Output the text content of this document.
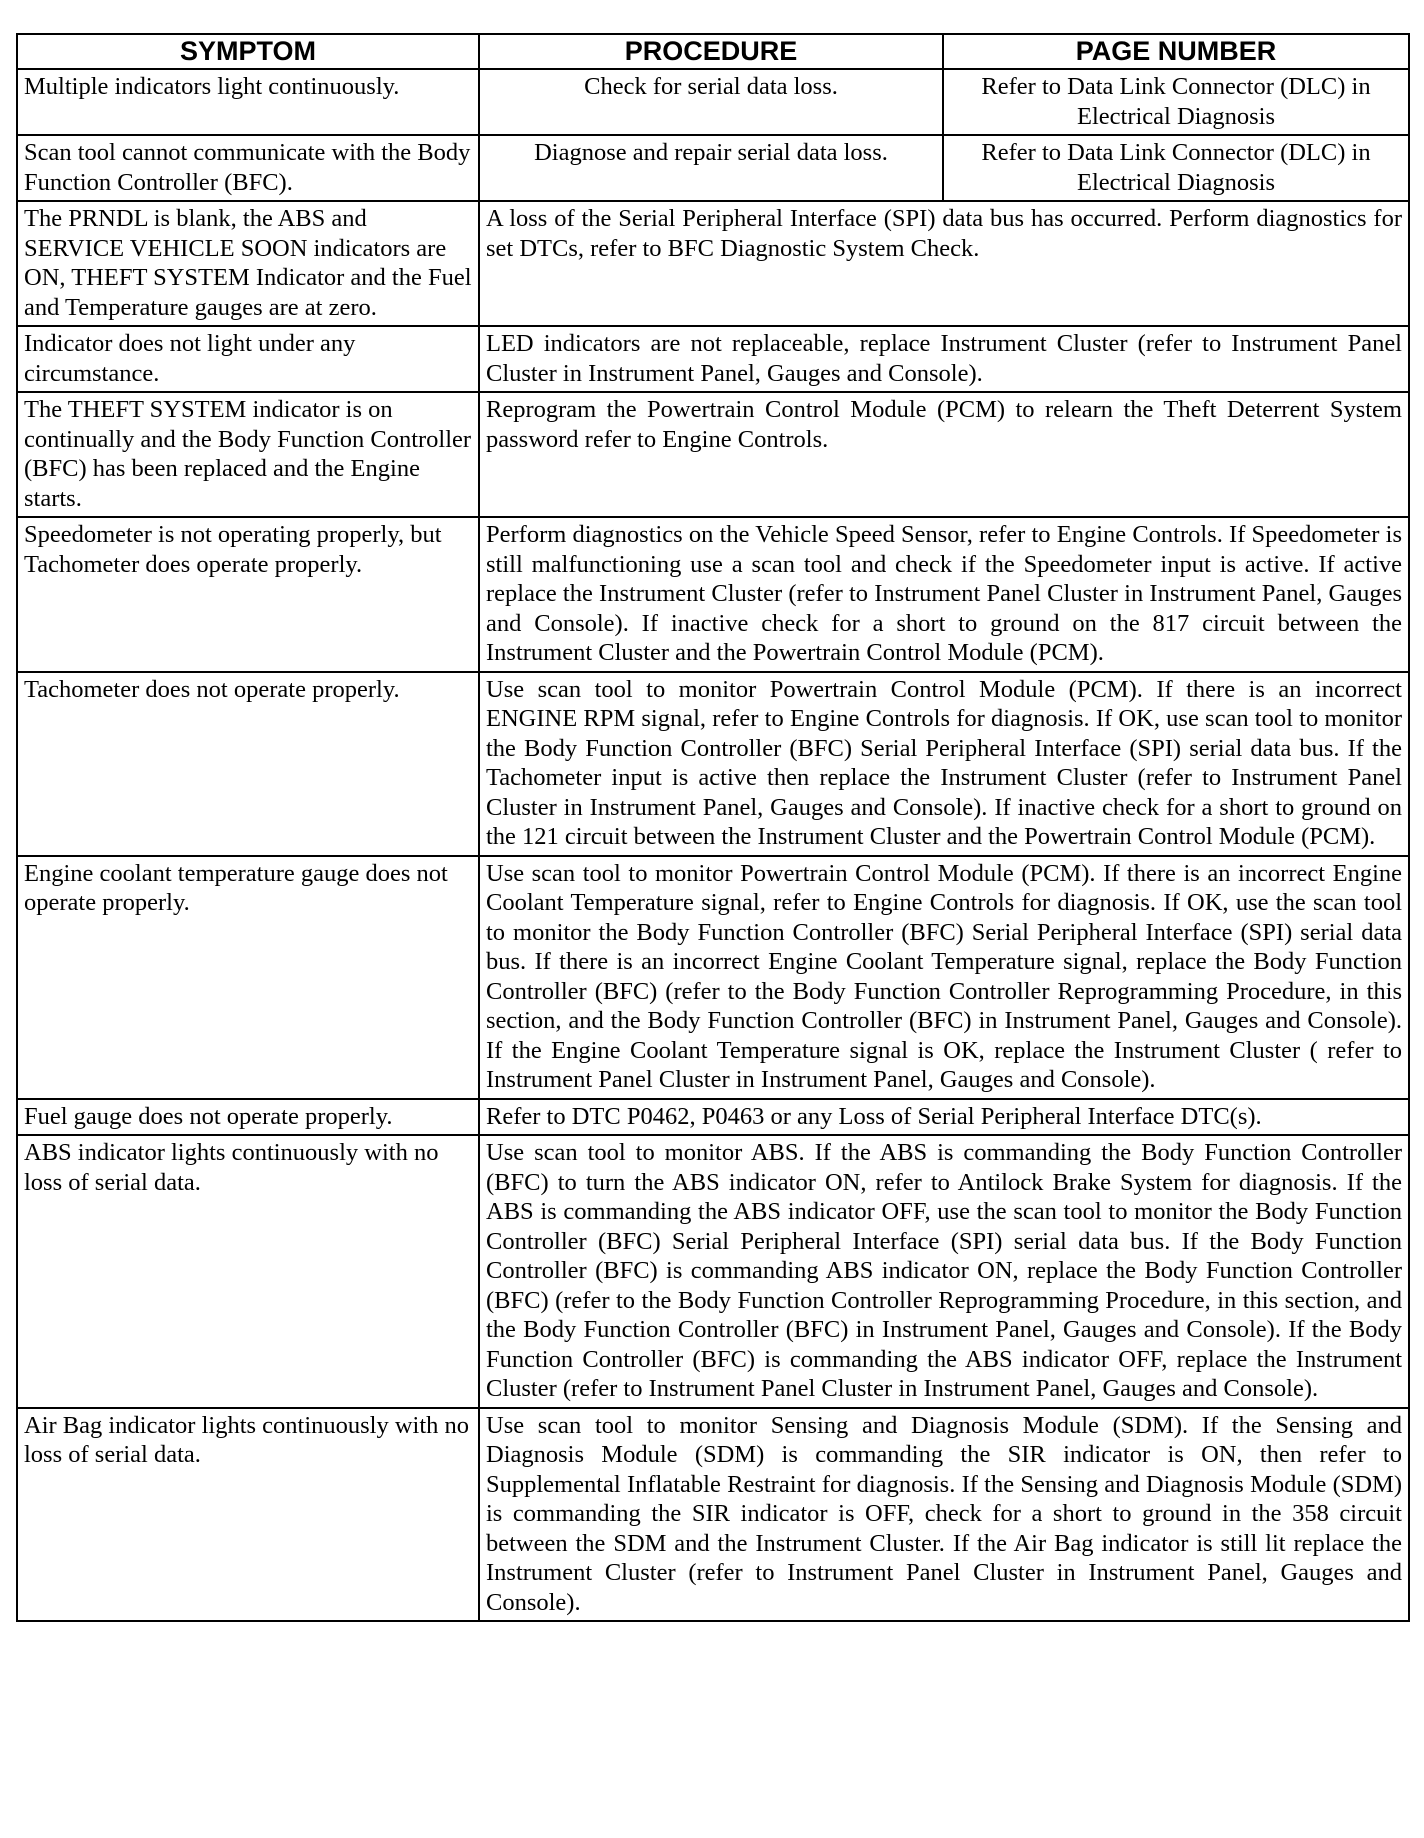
SYMPTOM	PROCEDURE	PAGE NUMBER
Multiple indicators light continuously.	Check for serial data loss.	Refer to Data Link Connector (DLC) in Electrical Diagnosis
Scan tool cannot communicate with the Body Function Controller (BFC).	Diagnose and repair serial data loss.	Refer to Data Link Connector (DLC) in Electrical Diagnosis
The PRNDL is blank, the ABS and SERVICE VEHICLE SOON indicators are ON, THEFT SYSTEM Indicator and the Fuel and Temperature gauges are at zero.	A loss of the Serial Peripheral Interface (SPI) data bus has occurred. Perform diagnostics for set DTCs, refer to BFC Diagnostic System Check.	
Indicator does not light under any circumstance.	LED indicators are not replaceable, replace Instrument Cluster (refer to Instrument Panel Cluster in Instrument Panel, Gauges and Console).	
The THEFT SYSTEM indicator is on continually and the Body Function Controller (BFC) has been replaced and the Engine starts.	Reprogram the Powertrain Control Module (PCM) to relearn the Theft Deterrent System password refer to Engine Controls.	
Speedometer is not operating properly, but Tachometer does operate properly.	Perform diagnostics on the Vehicle Speed Sensor, refer to Engine Controls. If Speedometer is still malfunctioning use a scan tool and check if the Speedometer input is active. If active replace the Instrument Cluster (refer to Instrument Panel Cluster in Instrument Panel, Gauges and Console). If inactive check for a short to ground on the 817 circuit between the Instrument Cluster and the Powertrain Control Module (PCM).	
Tachometer does not operate properly.	Use scan tool to monitor Powertrain Control Module (PCM). If there is an incorrect ENGINE RPM signal, refer to Engine Controls for diagnosis. If OK, use scan tool to monitor the Body Function Controller (BFC) Serial Peripheral Interface (SPI) serial data bus. If the Tachometer input is active then replace the Instrument Cluster (refer to Instrument Panel Cluster in Instrument Panel, Gauges and Console). If inactive check for a short to ground on the 121 circuit between the Instrument Cluster and the Powertrain Control Module (PCM).	
Engine coolant temperature gauge does not operate properly.	Use scan tool to monitor Powertrain Control Module (PCM). If there is an incorrect Engine Coolant Temperature signal, refer to Engine Controls for diagnosis. If OK, use the scan tool to monitor the Body Function Controller (BFC) Serial Peripheral Interface (SPI) serial data bus. If there is an incorrect Engine Coolant Temperature signal, replace the Body Function Controller (BFC) (refer to the Body Function Controller Reprogramming Procedure, in this section, and the Body Function Controller (BFC) in Instrument Panel, Gauges and Console). If the Engine Coolant Temperature signal is OK, replace the Instrument Cluster ( refer to Instrument Panel Cluster in Instrument Panel, Gauges and Console).	
Fuel gauge does not operate properly.	Refer to DTC P0462, P0463 or any Loss of Serial Peripheral Interface DTC(s).	
ABS indicator lights continuously with no loss of serial data.	Use scan tool to monitor ABS. If the ABS is commanding the Body Function Controller (BFC) to turn the ABS indicator ON, refer to Antilock Brake System for diagnosis. If the ABS is commanding the ABS indicator OFF, use the scan tool to monitor the Body Function Controller (BFC) Serial Peripheral Interface (SPI) serial data bus. If the Body Function Controller (BFC) is commanding ABS indicator ON, replace the Body Function Controller (BFC) (refer to the Body Function Controller Reprogramming Procedure, in this section, and the Body Function Controller (BFC) in Instrument Panel, Gauges and Console). If the Body Function Controller (BFC) is commanding the ABS indicator OFF, replace the Instrument Cluster (refer to Instrument Panel Cluster in Instrument Panel, Gauges and Console).	
Air Bag indicator lights continuously with no loss of serial data.	Use scan tool to monitor Sensing and Diagnosis Module (SDM). If the Sensing and Diagnosis Module (SDM) is commanding the SIR indicator is ON, then refer to Supplemental Inflatable Restraint for diagnosis. If the Sensing and Diagnosis Module (SDM) is commanding the SIR indicator is OFF, check for a short to ground in the 358 circuit between the SDM and the Instrument Cluster. If the Air Bag indicator is still lit replace the Instrument Cluster (refer to Instrument Panel Cluster in Instrument Panel, Gauges and Console).	
